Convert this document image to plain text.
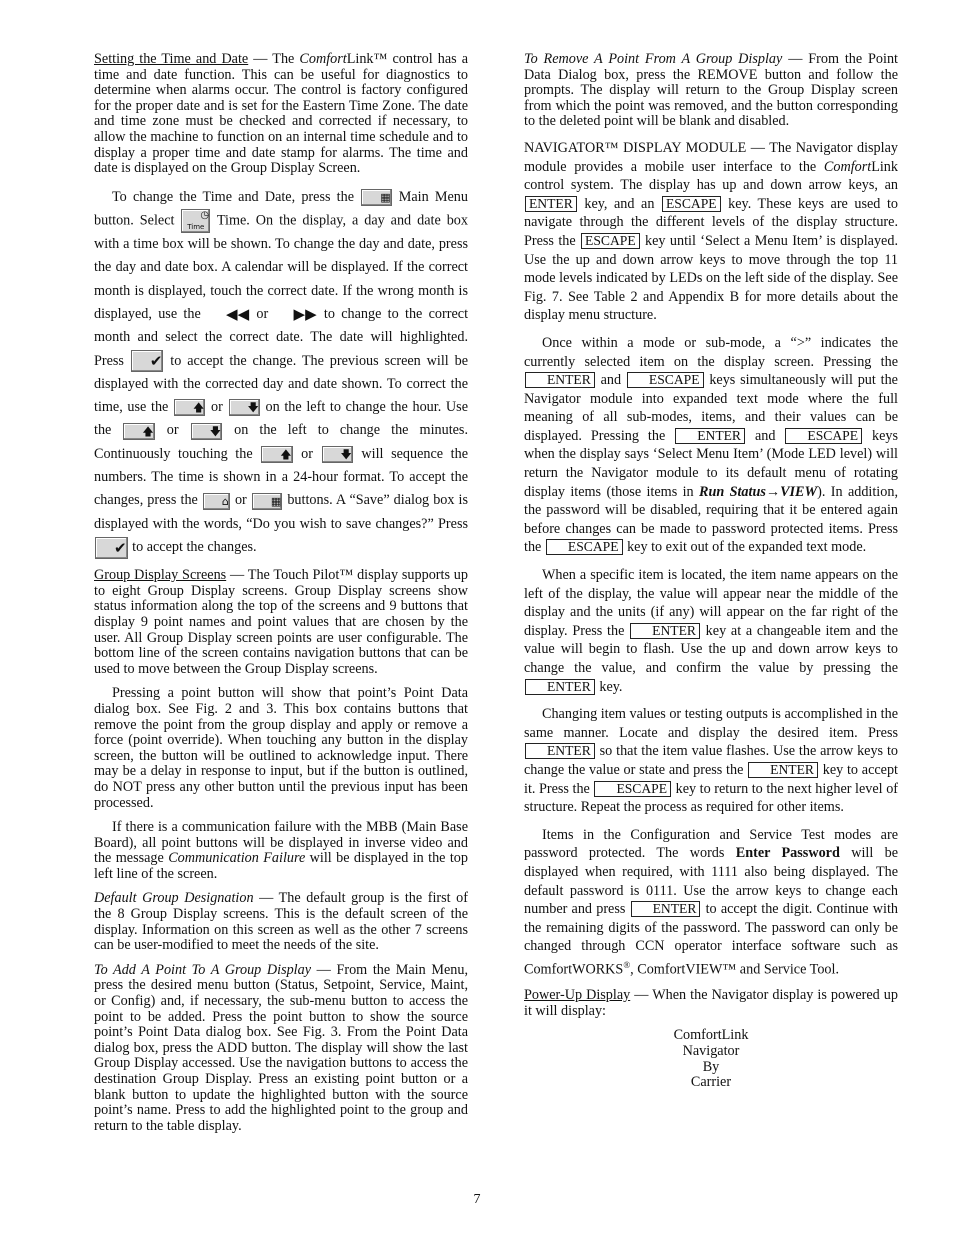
Setting the Time and Date — The ComfortLink™ control has a time and date function. This can be useful for diagnostics to determine when alarms occur. The control is factory configured for the proper date and is set for the Eastern Time Zone. The date and time zone must be checked and corrected if necessary, to allow the machine to function on an internal time schedule and to display a proper time and date stamp for alarms. The time and date is displayed on the Group Display Screen.

To change the Time and Date, press the ▦ Main Menu button. Select ◷
Time Time. On the display, a day and date box with a time box will be shown. To change the day and date, press the day and date box. A calendar will be displayed. If the correct month is displayed, touch the correct date. If the wrong month is displayed, use the ◀◀ or ▶▶ to change to the correct month and select the correct date. The date will highlighted. Press ✔ to accept the change. The previous screen will be displayed with the corrected day and date shown. To correct the time, use the 🡅 or 🡇 on the left to change the hour. Use the 🡅 or 🡇 on the left to change the minutes. Continuously touching the 🡅 or 🡇 will sequence the numbers. The time is shown in a 24-hour format. To accept the changes, press the ⌂ or ▦ buttons. A “Save” dialog box is displayed with the words, “Do you wish to save changes?” Press ✔ to accept the changes.

Group Display Screens — The Touch Pilot™ display supports up to eight Group Display screens. Group Display screens show status information along the top of the screens and 9 buttons that display 9 point names and point values that are chosen by the user. All Group Display screen points are user configurable. The bottom line of the screen contains navigation buttons that can be used to move between the Group Display screens.

Pressing a point button will show that point’s Point Data dialog box. See Fig. 2 and 3. This box contains buttons that remove the point from the group display and apply or remove a force (point override). When touching any button in the display screen, the button will be outlined to acknowledge input. There may be a delay in response to input, but if the button is outlined, do NOT press any other button until the previous input has been processed.

If there is a communication failure with the MBB (Main Base Board), all point buttons will be displayed in inverse video and the message Communication Failure will be displayed in the top left line of the screen.

Default Group Designation — The default group is the first of the 8 Group Display screens. This is the default screen of the display. Information on this screen as well as the other 7 screens can be user-modified to meet the needs of the site.

To Add A Point To A Group Display — From the Main Menu, press the desired menu button (Status, Setpoint, Service, Maint, or Config) and, if necessary, the sub-menu button to access the point to be added. Press the point button to show the source point’s Point Data dialog box. See Fig. 3. From the Point Data dialog box, press the ADD button. The display will show the last Group Display accessed. Use the navigation buttons to access the destination Group Display. Press an existing point button or a blank button to update the highlighted button with the source point’s name. Press to add the highlighted point to the group and return to the table display.

To Remove A Point From A Group Display — From the Point Data Dialog box, press the REMOVE button and follow the prompts. The display will return to the Group Display screen from which the point was removed, and the button corresponding to the deleted point will be blank and disabled.

NAVIGATOR™ DISPLAY MODULE — The Navigator display module provides a mobile user interface to the ComfortLink control system. The display has up and down arrow keys, an ENTER key, and an ESCAPE key. These keys are used to navigate through the different levels of the display structure. Press the ESCAPE key until ‘Select a Menu Item’ is displayed. Use the up and down arrow keys to move through the top 11 mode levels indicated by LEDs on the left side of the display. See Fig. 7. See Table 2 and Appendix B for more details about the display menu structure.

Once within a mode or sub-mode, a “>” indicates the currently selected item on the display screen. Pressing the ENTER and ESCAPE keys simultaneously will put the Navigator module into expanded text mode where the full meaning of all sub-modes, items, and their values can be displayed. Pressing the ENTER and ESCAPE keys when the display says ‘Select Menu Item’ (Mode LED level) will return the Navigator module to its default menu of rotating display items (those items in Run Status→VIEW). In addition, the password will be disabled, requiring that it be entered again before changes can be made to password protected items. Press the ESCAPE key to exit out of the expanded text mode.

When a specific item is located, the item name appears on the left of the display, the value will appear near the middle of the display and the units (if any) will appear on the far right of the display. Press the ENTER key at a changeable item and the value will begin to flash. Use the up and down arrow keys to change the value, and confirm the value by pressing the ENTER key.

Changing item values or testing outputs is accomplished in the same manner. Locate and display the desired item. Press ENTER so that the item value flashes. Use the arrow keys to change the value or state and press the ENTER key to accept it. Press the ESCAPE key to return to the next higher level of structure. Repeat the process as required for other items.

Items in the Configuration and Service Test modes are password protected. The words Enter Password will be displayed when required, with 1111 also being displayed. The default password is 0111. Use the arrow keys to change each number and press ENTER to accept the digit. Continue with the remaining digits of the password. The password can only be changed through CCN operator interface software such as ComfortWORKS®, ComfortVIEW™ and Service Tool.

Power-Up Display — When the Navigator display is powered up it will display:

ComfortLink

Navigator

By

Carrier

7
